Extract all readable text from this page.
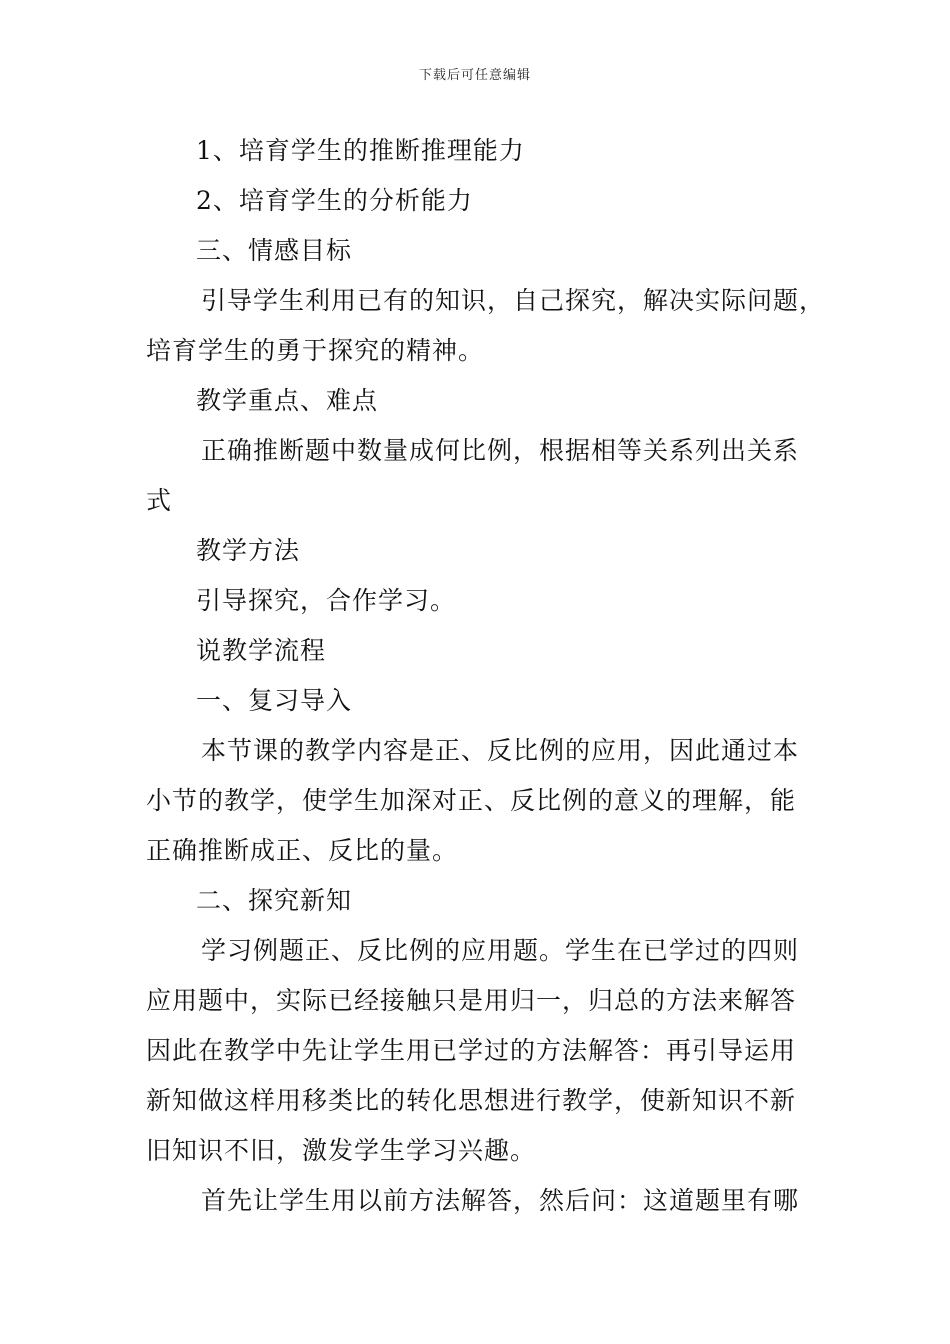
下载后可任意编辑
1、培育学生的推断推理能力
2、培育学生的分析能力
三、情感目标
引导学生利用已有的知识，自己探究，解决实际问题，
培育学生的勇于探究的精神。
教学重点、难点
正确推断题中数量成何比例，根据相等关系列出关系
式
教学方法
引导探究，合作学习。
说教学流程
一、复习导入
本节课的教学内容是正、反比例的应用，因此通过本
小节的教学，使学生加深对正、反比例的意义的理解，能
正确推断成正、反比的量。
二、探究新知
学习例题正、反比例的应用题。学生在已学过的四则
应用题中，实际已经接触只是用归一，归总的方法来解答
因此在教学中先让学生用已学过的方法解答：再引导运用
新知做这样用移类比的转化思想进行教学，使新知识不新
旧知识不旧，激发学生学习兴趣。
首先让学生用以前方法解答，然后问：这道题里有哪
